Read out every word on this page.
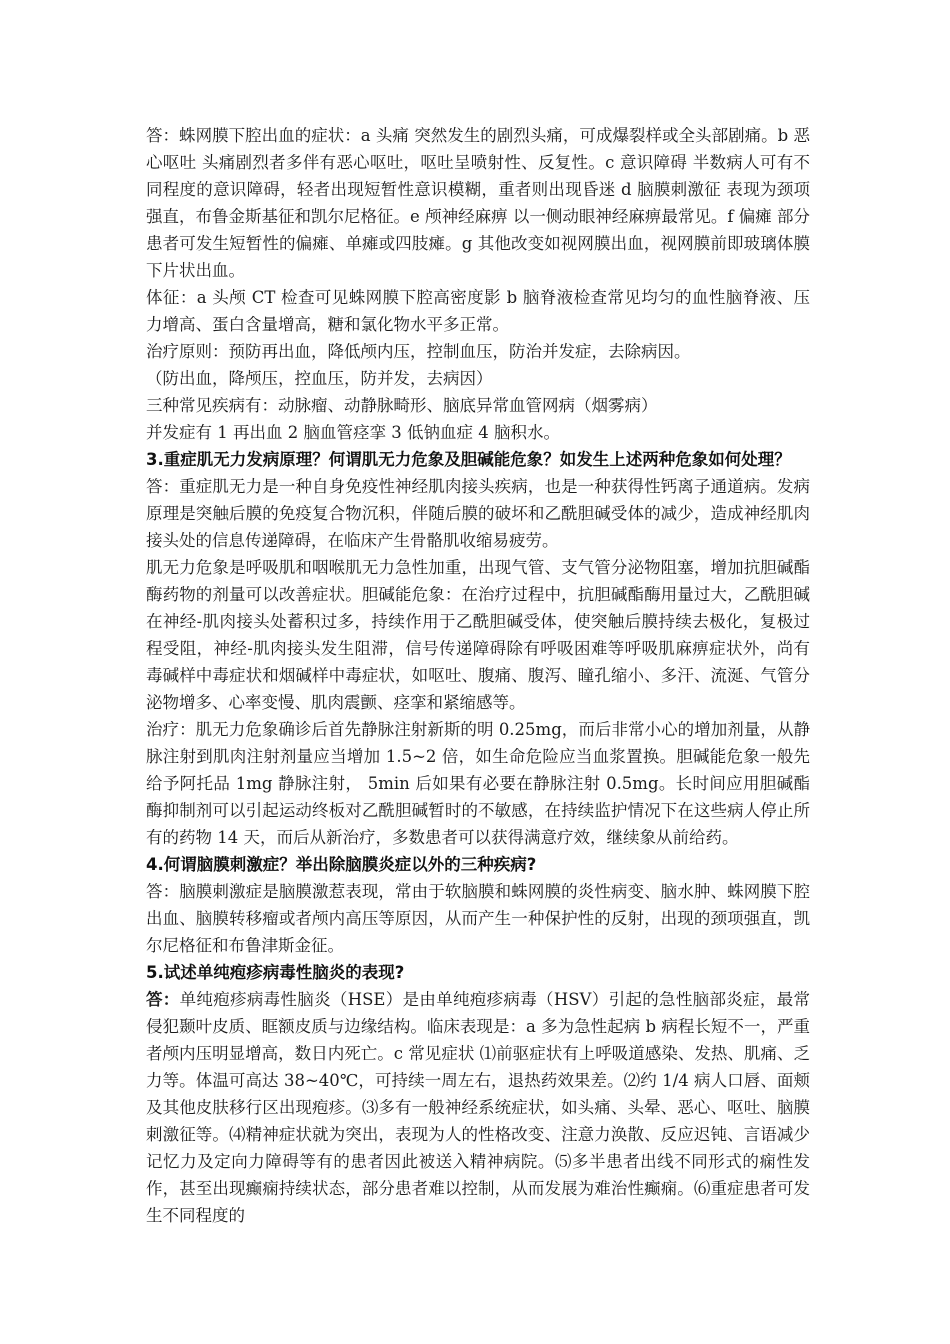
答：蛛网膜下腔出血的症状：a 头痛 突然发生的剧烈头痛，可成爆裂样或全头部剧痛。b 恶心呕吐 头痛剧烈者多伴有恶心呕吐，呕吐呈喷射性、反复性。c 意识障碍 半数病人可有不同程度的意识障碍，轻者出现短暂性意识模糊，重者则出现昏迷 d 脑膜刺激征 表现为颈项强直，布鲁金斯基征和凯尔尼格征。e 颅神经麻痹 以一侧动眼神经麻痹最常见。f 偏瘫 部分患者可发生短暂性的偏瘫、单瘫或四肢瘫。g 其他改变如视网膜出血，视网膜前即玻璃体膜下片状出血。

体征：a 头颅 CT 检查可见蛛网膜下腔高密度影 b 脑脊液检查常见均匀的血性脑脊液、压力增高、蛋白含量增高，糖和氯化物水平多正常。

治疗原则：预防再出血，降低颅内压，控制血压，防治并发症，去除病因。

（防出血，降颅压，控血压，防并发，去病因）

三种常见疾病有：动脉瘤、动静脉畸形、脑底异常血管网病（烟雾病）

并发症有 1 再出血 2 脑血管痉挛 3 低钠血症 4 脑积水。

3.重症肌无力发病原理？何谓肌无力危象及胆碱能危象？如发生上述两种危象如何处理？

答：重症肌无力是一种自身免疫性神经肌肉接头疾病，也是一种获得性钙离子通道病。发病原理是突触后膜的免疫复合物沉积，伴随后膜的破坏和乙酰胆碱受体的减少，造成神经肌肉接头处的信息传递障碍，在临床产生骨骼肌收缩易疲劳。

肌无力危象是呼吸肌和咽喉肌无力急性加重，出现气管、支气管分泌物阻塞，增加抗胆碱酯酶药物的剂量可以改善症状。胆碱能危象：在治疗过程中，抗胆碱酯酶用量过大，乙酰胆碱在神经-肌肉接头处蓄积过多，持续作用于乙酰胆碱受体，使突触后膜持续去极化，复极过程受阻，神经-肌肉接头发生阻滞，信号传递障碍除有呼吸困难等呼吸肌麻痹症状外，尚有毒碱样中毒症状和烟碱样中毒症状，如呕吐、腹痛、腹泻、瞳孔缩小、多汗、流涎、气管分泌物增多、心率变慢、肌肉震颤、痉挛和紧缩感等。

治疗：肌无力危象确诊后首先静脉注射新斯的明 0.25mg，而后非常小心的增加剂量，从静脉注射到肌肉注射剂量应当增加 1.5~2 倍，如生命危险应当血浆置换。胆碱能危象一般先给予阿托品 1mg 静脉注射， 5min 后如果有必要在静脉注射 0.5mg。长时间应用胆碱酯酶抑制剂可以引起运动终板对乙酰胆碱暂时的不敏感，在持续监护情况下在这些病人停止所有的药物 14 天，而后从新治疗，多数患者可以获得满意疗效，继续象从前给药。

4.何谓脑膜刺激症？举出除脑膜炎症以外的三种疾病?

答：脑膜刺激症是脑膜激惹表现，常由于软脑膜和蛛网膜的炎性病变、脑水肿、蛛网膜下腔出血、脑膜转移瘤或者颅内高压等原因，从而产生一种保护性的反射，出现的颈项强直，凯尔尼格征和布鲁津斯金征。

5.试述单纯疱疹病毒性脑炎的表现?

答：单纯疱疹病毒性脑炎（HSE）是由单纯疱疹病毒（HSV）引起的急性脑部炎症，最常侵犯颞叶皮质、眶额皮质与边缘结构。临床表现是：a 多为急性起病 b 病程长短不一，严重者颅内压明显增高，数日内死亡。c 常见症状 ⑴前驱症状有上呼吸道感染、发热、肌痛、乏力等。体温可高达 38~40℃，可持续一周左右，退热药效果差。⑵约 1/4 病人口唇、面颊及其他皮肤移行区出现疱疹。⑶多有一般神经系统症状，如头痛、头晕、恶心、呕吐、脑膜刺激征等。⑷精神症状就为突出，表现为人的性格改变、注意力涣散、反应迟钝、言语减少记忆力及定向力障碍等有的患者因此被送入精神病院。⑸多半患者出线不同形式的痫性发作，甚至出现癫痫持续状态，部分患者难以控制，从而发展为难治性癫痫。⑹重症患者可发生不同程度的
